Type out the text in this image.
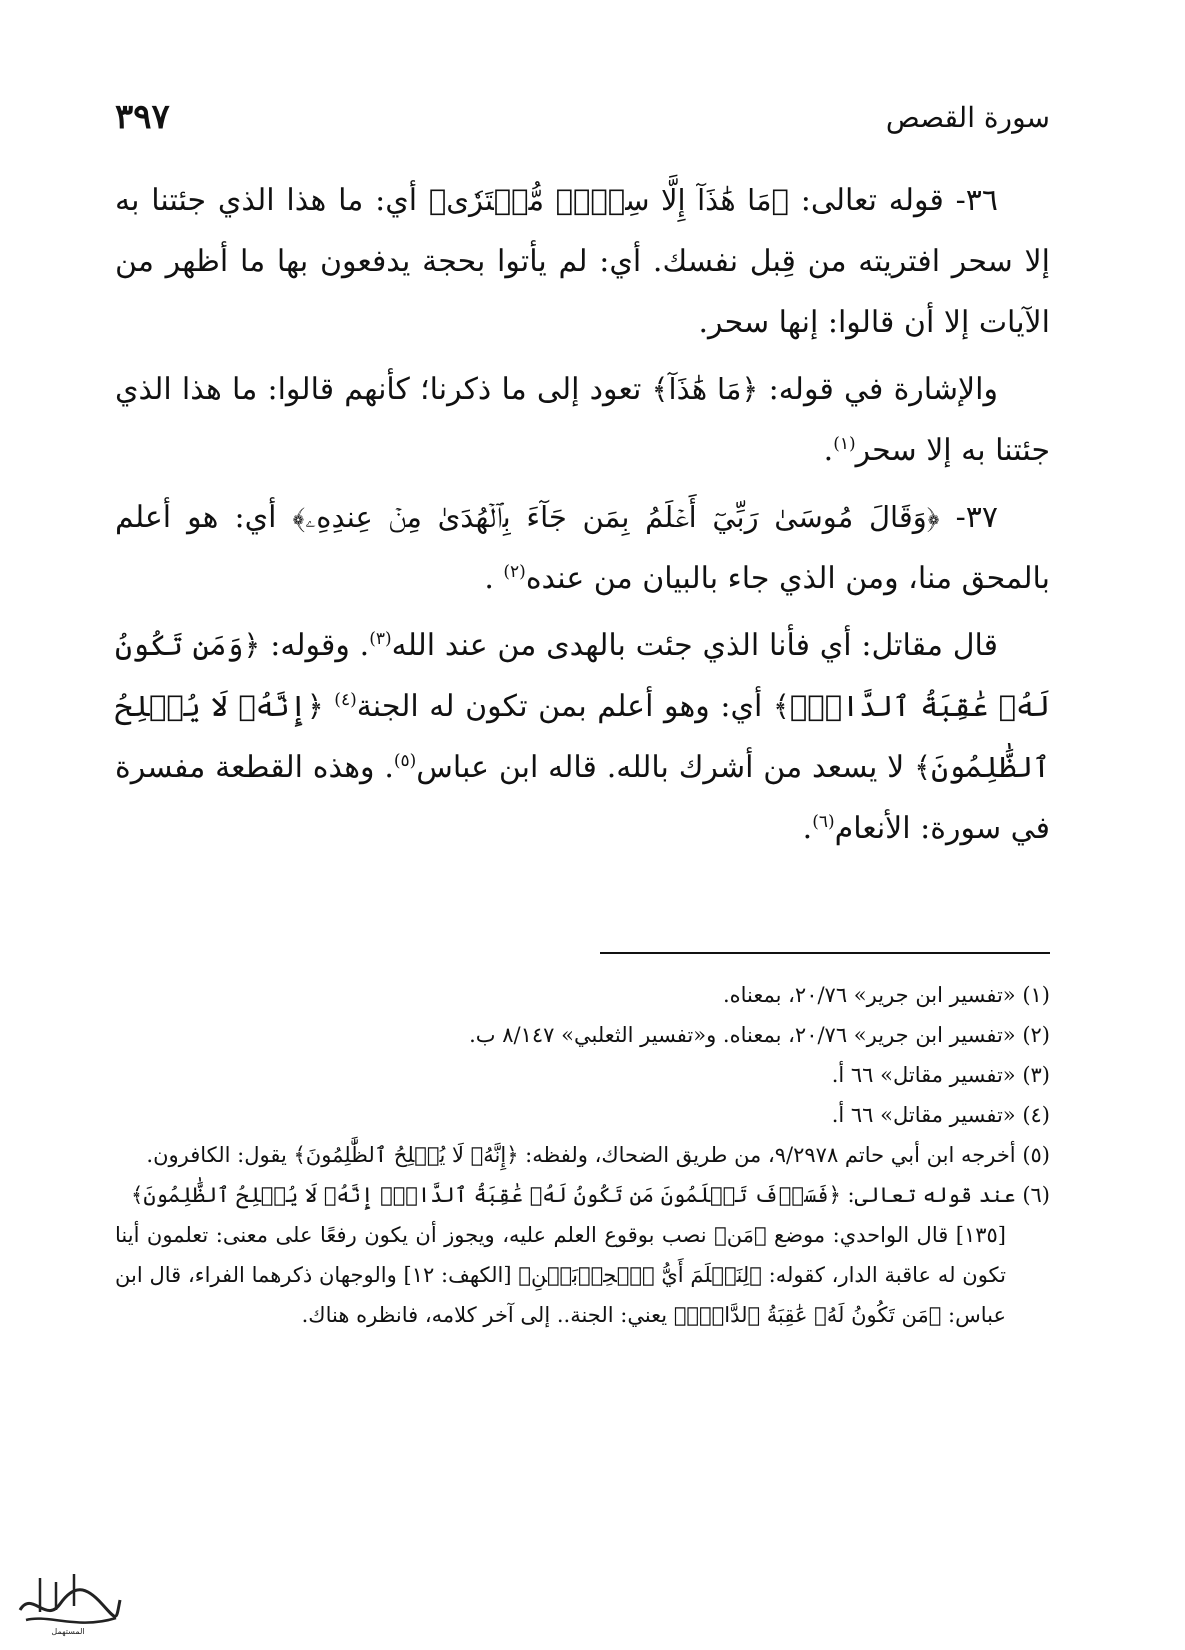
سورة القصص
٣٩٧

٣٦- قوله تعالى: ﴿مَا هَٰذَآ إِلَّا سِحۡرٞ مُّفۡتَرٗى﴾ أي: ما هذا الذي جئتنا به إلا سحر افتريته من قِبل نفسك. أي: لم يأتوا بحجة يدفعون بها ما أظهر من الآيات إلا أن قالوا: إنها سحر.

والإشارة في قوله: ﴿مَا هَٰذَآ﴾ تعود إلى ما ذكرنا؛ كأنهم قالوا: ما هذا الذي جئتنا به إلا سحر$^{(١)}$.

٣٧- ﴿وَقَالَ مُوسَىٰ رَبِّيٓ أَعۡلَمُ بِمَن جَآءَ بِٱلۡهُدَىٰ مِنۡ عِندِهِۦ﴾ أي: هو أعلم بالمحق منا، ومن الذي جاء بالبيان من عنده$^{(٢)}$ .

قال مقاتل: أي فأنا الذي جئت بالهدى من عند الله$^{(٣)}$. وقوله: ﴿وَمَن تَكُونُ لَهُۥ عَٰقِبَةُ ٱلدَّارِۚ﴾ أي: وهو أعلم بمن تكون له الجنة$^{(٤)}$ ﴿إِنَّهُۥ لَا يُفۡلِحُ ٱلظَّٰلِمُونَ﴾ لا يسعد من أشرك بالله. قاله ابن عباس$^{(٥)}$. وهذه القطعة مفسرة في سورة: الأنعام$^{(٦)}$.

(١) «تفسير ابن جرير» ٢٠/٧٦، بمعناه.

(٢) «تفسير ابن جرير» ٢٠/٧٦، بمعناه. و«تفسير الثعلبي» ٨/١٤٧ ب.

(٣) «تفسير مقاتل» ٦٦ أ.

(٤) «تفسير مقاتل» ٦٦ أ.

(٥) أخرجه ابن أبي حاتم ٩/٢٩٧٨، من طريق الضحاك، ولفظه: ﴿إِنَّهُۥ لَا يُفۡلِحُ ٱلظَّٰلِمُونَ﴾ يقول: الكافرون.

(٦) عند قوله تعالى: ﴿فَسَوۡفَ تَعۡلَمُونَ مَن تَكُونُ لَهُۥ عَٰقِبَةُ ٱلدَّارِۚ إِنَّهُۥ لَا يُفۡلِحُ ٱلظَّٰلِمُونَ﴾

[١٣٥] قال الواحدي: موضع ﴿مَن﴾ نصب بوقوع العلم عليه، ويجوز أن يكون رفعًا على معنى: تعلمون أينا تكون له عاقبة الدار، كقوله: ﴿لِنَعۡلَمَ أَيُّ ٱلۡحِزۡبَيۡنِ﴾ [الكهف: ١٢] والوجهان ذكرهما الفراء، قال ابن عباس: ﴿مَن تَكُونُ لَهُۥ عَٰقِبَةُ ٱلدَّارِۚ﴾ يعني: الجنة.. إلى آخر كلامه، فانظره هناك.

المستهمل
